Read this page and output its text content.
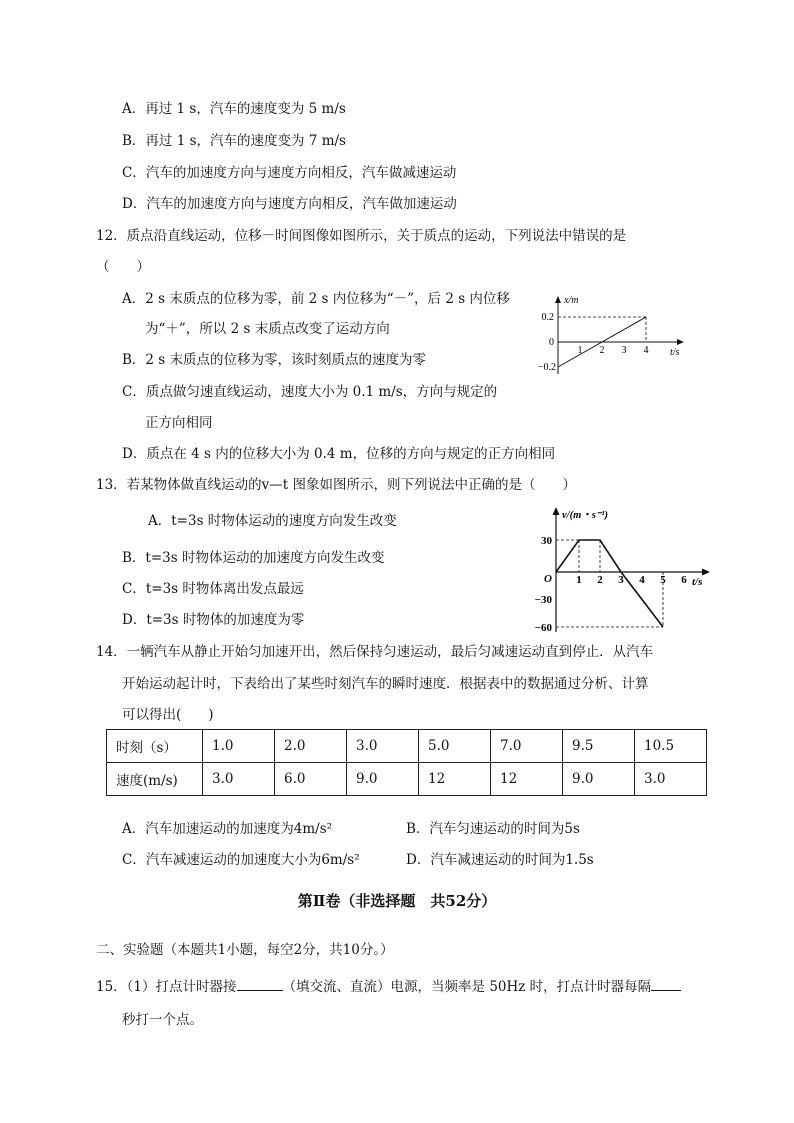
A．再过 1 s，汽车的速度变为 5 m/s
B．再过 1 s，汽车的速度变为 7 m/s
C．汽车的加速度方向与速度方向相反，汽车做减速运动
D．汽车的加速度方向与速度方向相反，汽车做加速运动
12．质点沿直线运动，位移－时间图像如图所示，关于质点的运动，下列说法中错误的是
（　　）
A．2 s 末质点的位移为零，前 2 s 内位移为“－”，后 2 s 内位移
为“＋”，所以 2 s 末质点改变了运动方向
B．2 s 末质点的位移为零，该时刻质点的速度为零
C．质点做匀速直线运动，速度大小为 0.1 m/s，方向与规定的
正方向相同
D．质点在 4 s 内的位移大小为 0.4 m，位移的方向与规定的正方向相同
x/m
t/s
0.2
0
−0.2
1 2 3 4
13．若某物体做直线运动的v—t 图象如图所示，则下列说法中正确的是（　　）
A．t=3s 时物体运动的速度方向发生改变
B．t=3s 时物体运动的加速度方向发生改变
C．t=3s 时物体离出发点最远
D．t=3s 时物体的加速度为零
v/(m・s⁻¹)
t/s
O
30
−30
−60
1 2 3 4 5 6
14．一辆汽车从静止开始匀加速开出，然后保持匀速运动，最后匀减速运动直到停止．从汽车
开始运动起计时，下表给出了某些时刻汽车的瞬时速度．根据表中的数据通过分析、计算
可以得出(　　)
时刻（s）	1.0	2.0	3.0	5.0	7.0	9.5	10.5
速度(m/s)	3.0	6.0	9.0	12	12	9.0	3.0
A．汽车加速运动的加速度为4m/s²	B．汽车匀速运动的时间为5s
C．汽车减速运动的加速度大小为6m/s²	D．汽车减速运动的时间为1.5s
第Ⅱ卷（非选择题　共52分）
二、实验题（本题共1小题，每空2分，共10分。）
15．（1）打点计时器接	（填交流、直流）电源，当频率是 50Hz 时，打点计时器每隔
秒打一个点。
